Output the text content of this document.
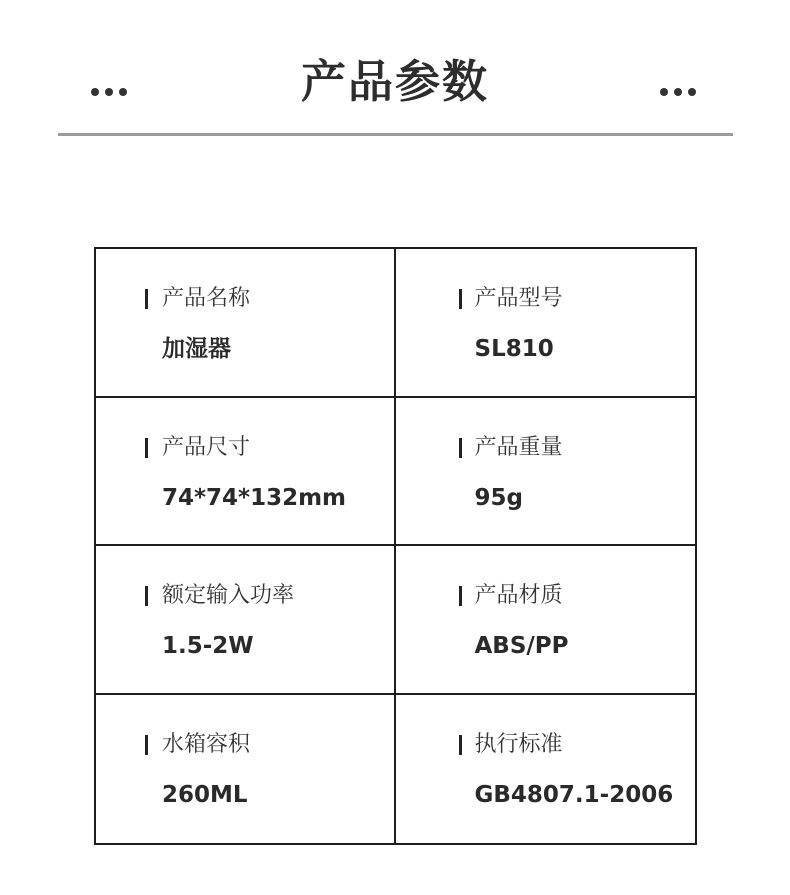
产品参数
产品名称
加湿器
产品型号
SL810
产品尺寸
74*74*132mm
产品重量
95g
额定输入功率
1.5-2W
产品材质
ABS/PP
水箱容积
260ML
执行标准
GB4807.1-2006
